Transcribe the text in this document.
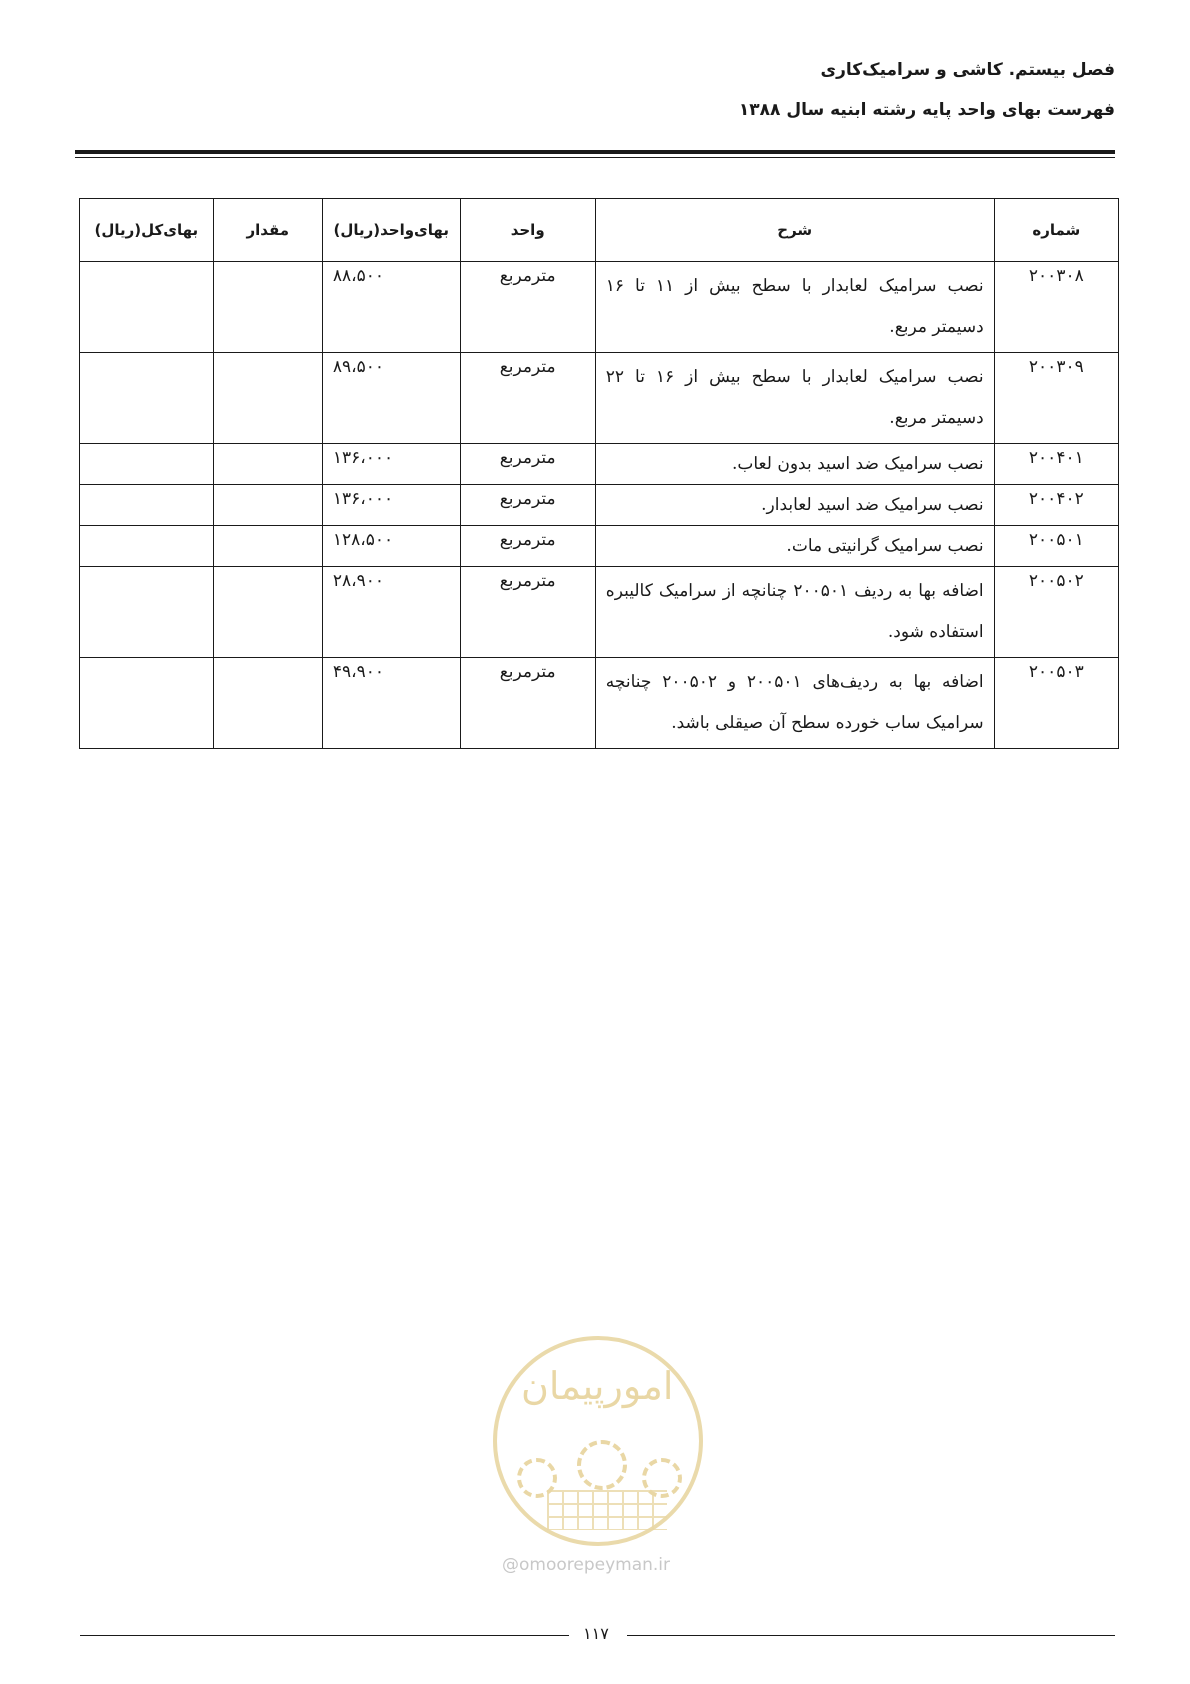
فصل بیستم. کاشی و سرامیک‌کاری

فهرست بهای واحد پایه رشته ابنیه سال ۱۳۸۸

شماره	شرح	واحد	بهای‌واحد(ریال)	مقدار	بهای‌کل(ریال)
۲۰۰۳۰۸	نصب سرامیک لعابدار با سطح بیش از ۱۱ تا ۱۶ دسیمتر مربع.	مترمربع	۸۸،۵۰۰		
۲۰۰۳۰۹	نصب سرامیک لعابدار با سطح بیش از ۱۶ تا ۲۲ دسیمتر مربع.	مترمربع	۸۹،۵۰۰		
۲۰۰۴۰۱	نصب سرامیک ضد اسید بدون لعاب.	مترمربع	۱۳۶،۰۰۰		
۲۰۰۴۰۲	نصب سرامیک ضد اسید لعابدار.	مترمربع	۱۳۶،۰۰۰		
۲۰۰۵۰۱	نصب سرامیک گرانیتی مات.	مترمربع	۱۲۸،۵۰۰		
۲۰۰۵۰۲	اضافه بها به ردیف ۲۰۰۵۰۱ چنانچه از سرامیک کالیبره استفاده شود.	مترمربع	۲۸،۹۰۰		
۲۰۰۵۰۳	اضافه بها به ردیف‌های ۲۰۰۵۰۱ و ۲۰۰۵۰۲ چنانچه سرامیک ساب خورده سطح آن صیقلی باشد.	مترمربع	۴۹،۹۰۰		
امورپیمان
@omoorepeyman.ir
۱۱۷
